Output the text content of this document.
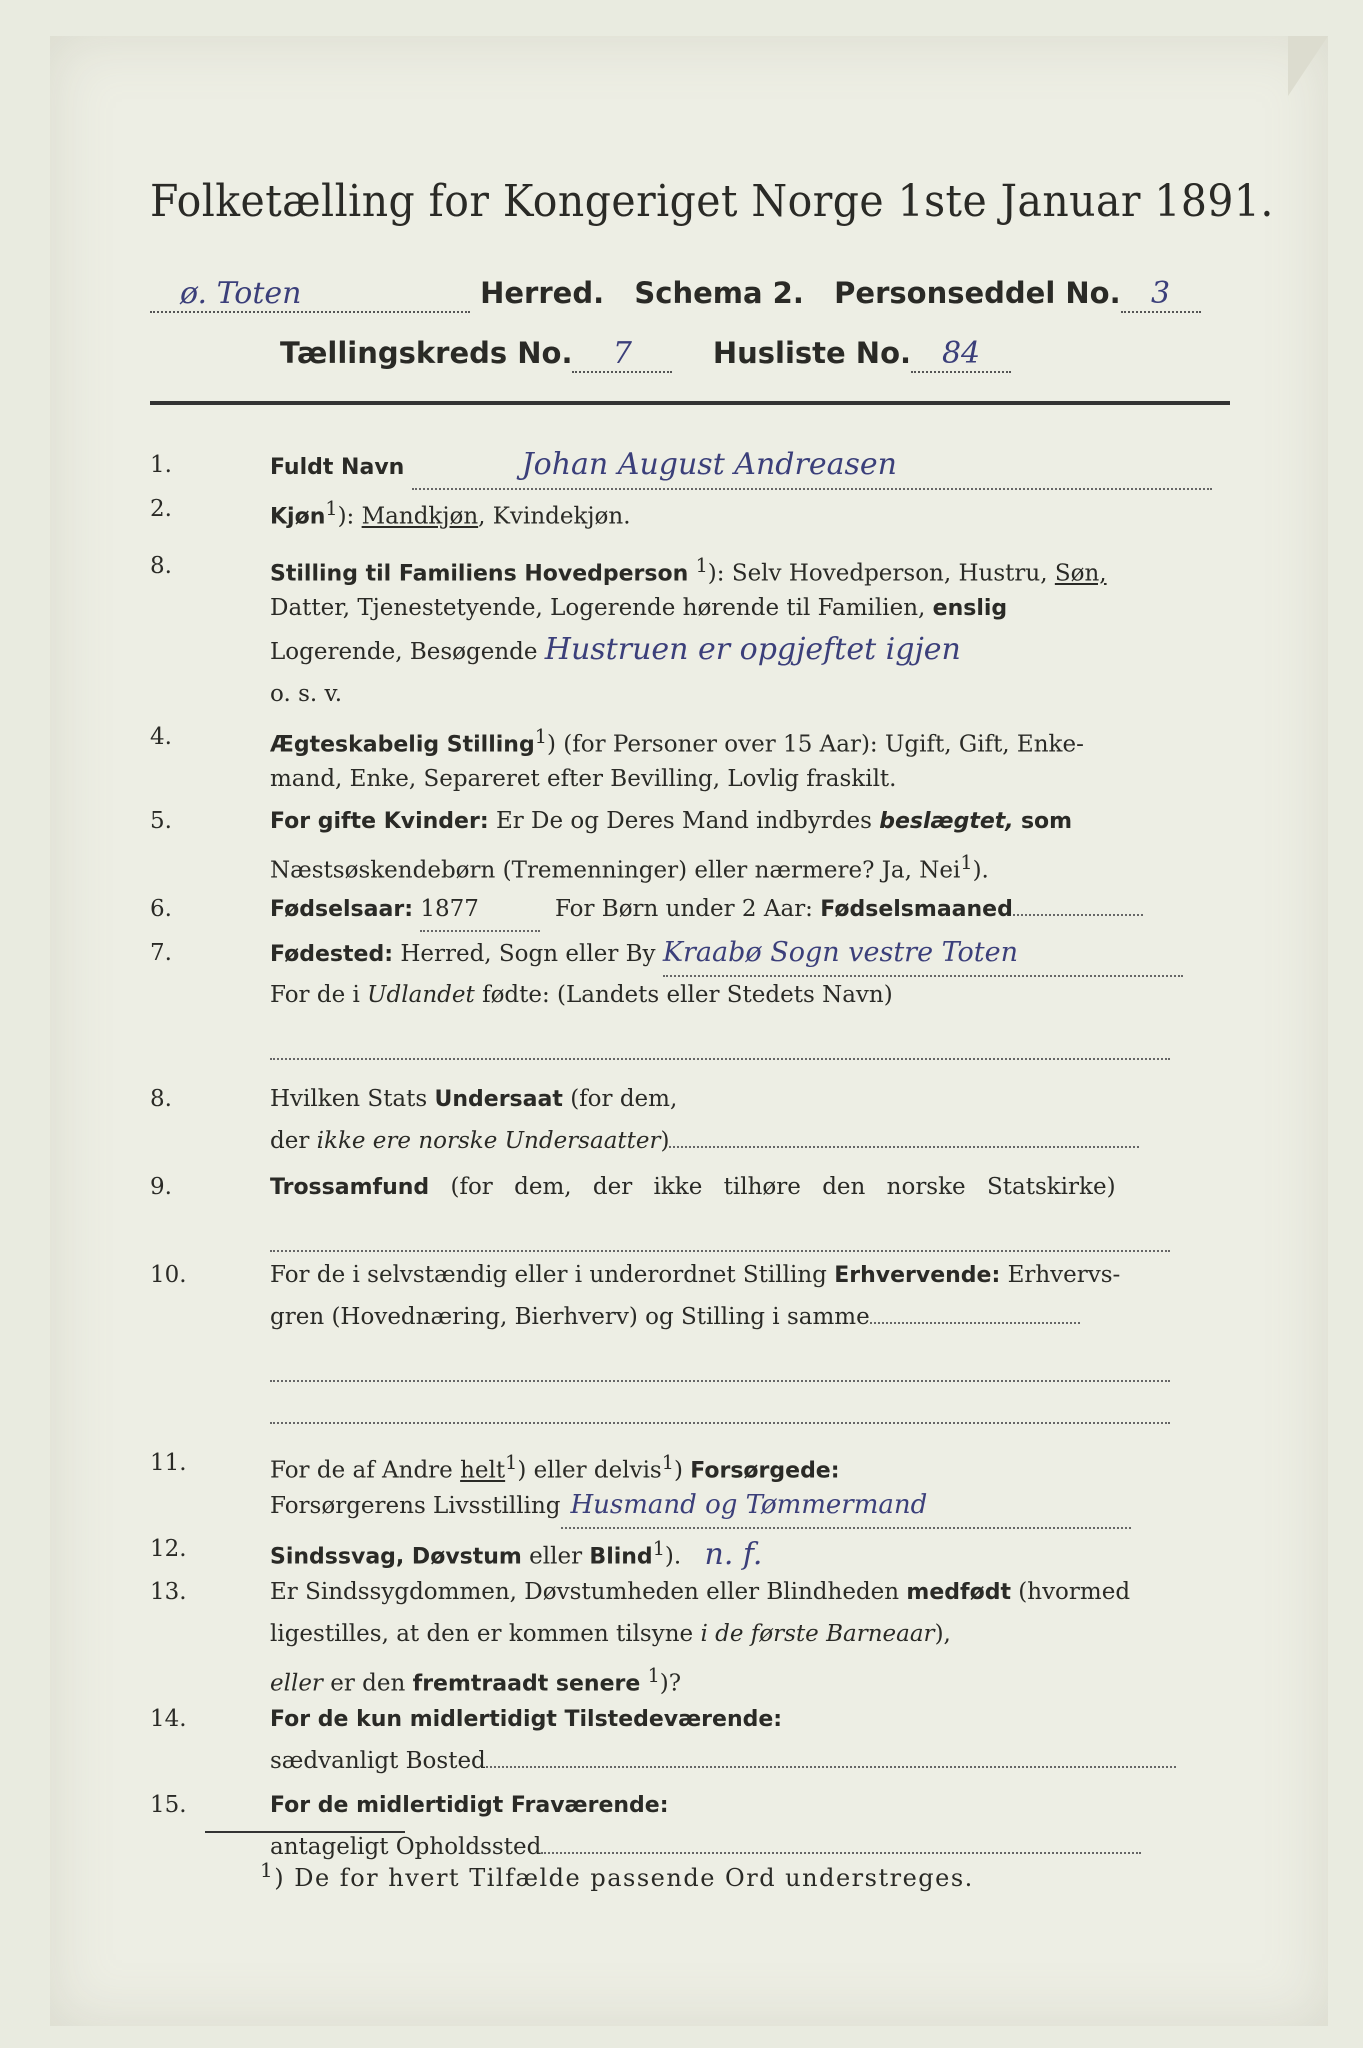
Folketælling for Kongeriget Norge 1ste Januar 1891.
ø. Toten	Herred. Schema 2. Personseddel No. 3
Tællingskreds No. 7	Husliste No. 84
1.	Fuldt Navn	Johan August Andreasen
2.	Kjøn$^1$): Mandkjøn, Kvindekjøn.
8.	Stilling til Familiens Hovedperson $^1$): Selv Hovedperson, Hustru, Søn,
Datter, Tjenestetyende, Logerende hørende til Familien, enslig
Logerende, Besøgende Hustruen er opgjeftet igjen
o. s. v.
4.	Ægteskabelig Stilling$^1$) (for Personer over 15 Aar): Ugift, Gift, Enke-
mand, Enke, Separeret efter Bevilling, Lovlig fraskilt.
5.	For gifte Kvinder: Er De og Deres Mand indbyrdes beslægtet, som
Næstsøskendebørn (Tremenninger) eller nærmere? Ja, Nei$^1$).
6.	Fødselsaar: 1877	For Børn under 2 Aar: Fødselsmaaned
7.	Fødested: Herred, Sogn eller By Kraabø Sogn vestre Toten
For de i Udlandet fødte: (Landets eller Stedets Navn)

8.	Hvilken Stats Undersaat (for dem,
der ikke ere norske Undersaatter)
9.	Trossamfund (for dem, der ikke tilhøre den norske Statskirke)

10.	For de i selvstændig eller i underordnet Stilling Erhvervende: Erhvervs-
gren (Hovednæring, Bierhverv) og Stilling i samme

11.	For de af Andre helt$^1$) eller delvis$^1$) Forsørgede:
Forsørgerens Livsstilling Husmand og Tømmermand
12.	Sindssvag, Døvstum eller Blind$^1$). n. f.
13.	Er Sindssygdommen, Døvstumheden eller Blindheden medfødt (hvormed
ligestilles, at den er kommen tilsyne i de første Barneaar),
eller er den fremtraadt senere $^1$)?
14.	For de kun midlertidigt Tilstedeværende:
sædvanligt Bosted
15.	For de midlertidigt Fraværende:
antageligt Opholdssted
$^1$) De for hvert Tilfælde passende Ord understreges.
